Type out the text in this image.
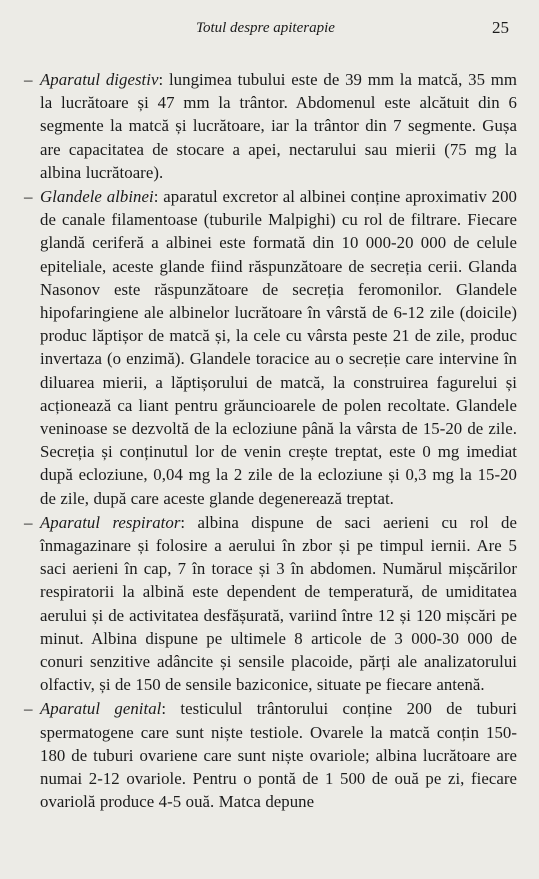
Totul despre apiterapie	25
– Aparatul digestiv: lungimea tubului este de 39 mm la matcă, 35 mm la lucrătoare și 47 mm la trântor. Abdomenul este alcătuit din 6 segmente la matcă și lucrătoare, iar la trântor din 7 segmente. Gușa are capacitatea de stocare a apei, nectarului sau mierii (75 mg la albina lucrătoare).

– Glandele albinei: aparatul excretor al albinei conține aproximativ 200 de canale filamentoase (tuburile Malpighi) cu rol de filtrare. Fiecare glandă ceriferă a albinei este formată din 10 000-20 000 de celule epiteliale, aceste glande fiind răspunzătoare de secreția cerii. Glanda Nasonov este răspunzătoare de secreția feromonilor. Glandele hipofaringiene ale albinelor lucrătoare în vârstă de 6-12 zile (doicile) produc lăptișor de matcă și, la cele cu vârsta peste 21 de zile, produc invertaza (o enzimă). Glandele toracice au o secreție care intervine în diluarea mierii, a lăptișorului de matcă, la construirea fagurelui și acționează ca liant pentru grăuncioarele de polen recoltate. Glandele veninoase se dezvoltă de la ecloziune până la vârsta de 15-20 de zile. Secreția și conținutul lor de venin crește treptat, este 0 mg imediat după ecloziune, 0,04 mg la 2 zile de la ecloziune și 0,3 mg la 15-20 de zile, după care aceste glande degenerează treptat.

– Aparatul respirator: albina dispune de saci aerieni cu rol de înmagazinare și folosire a aerului în zbor și pe timpul iernii. Are 5 saci aerieni în cap, 7 în torace și 3 în abdomen. Numărul mișcărilor respiratorii la albină este dependent de temperatură, de umiditatea aerului și de activitatea desfășurată, variind între 12 și 120 mișcări pe minut. Albina dispune pe ultimele 8 articole de 3 000-30 000 de conuri senzitive adâncite și sensile placoide, părți ale analizatorului olfactiv, și de 150 de sensile baziconice, situate pe fiecare antenă.

– Aparatul genital: testiculul trântorului conține 200 de tuburi spermatogene care sunt niște testiole. Ovarele la matcă conțin 150-180 de tuburi ovariene care sunt niște ovariole; albina lucrătoare are numai 2-12 ovariole. Pentru o pontă de 1 500 de ouă pe zi, fiecare ovariolă produce 4-5 ouă. Matca depune
